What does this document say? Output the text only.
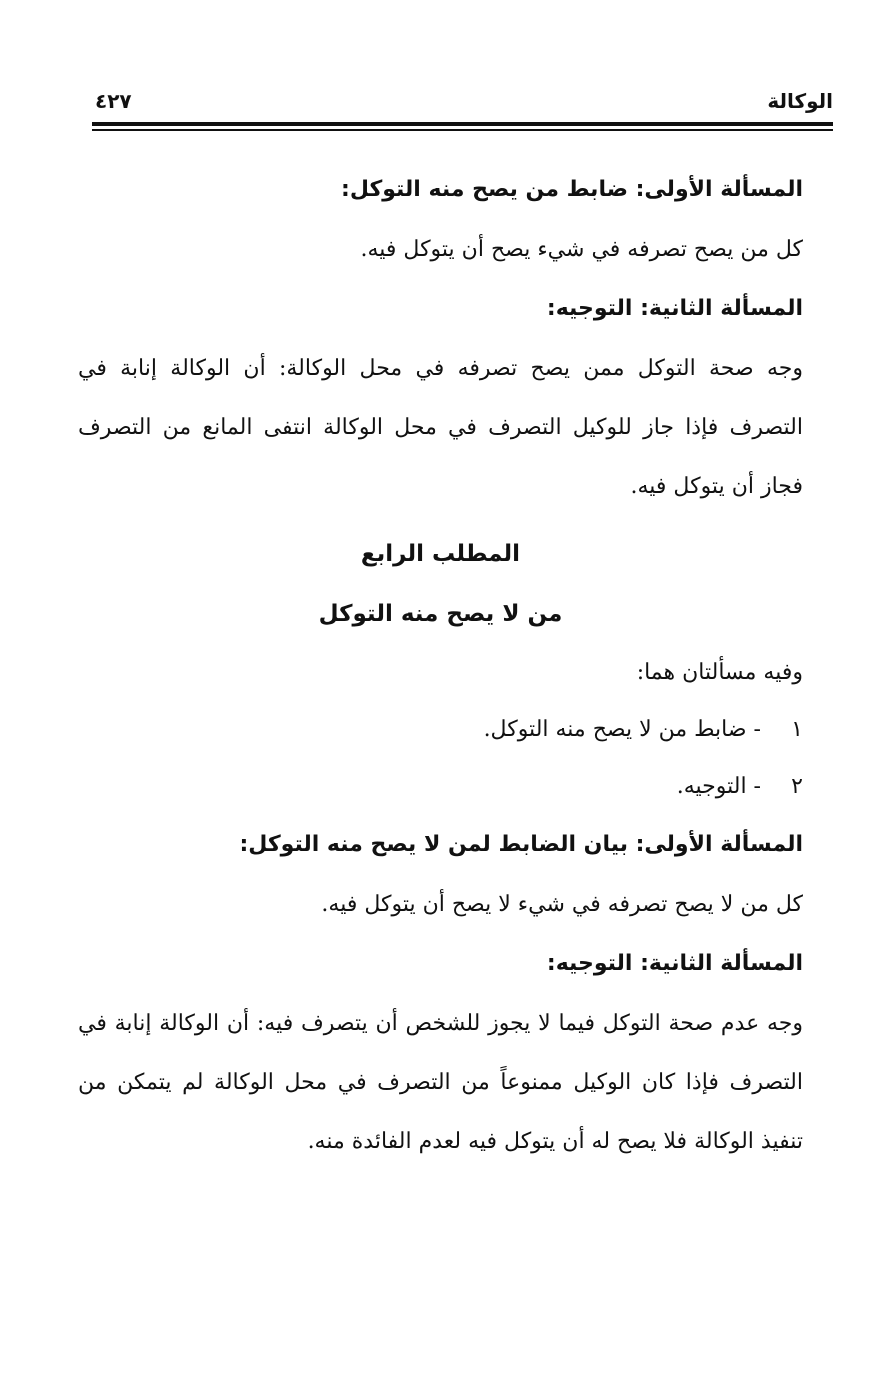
الوكالة
٤٢٧

المسألة الأولى: ضابط من يصح منه التوكل:

كل من يصح تصرفه في شيء يصح أن يتوكل فيه.

المسألة الثانية: التوجيه:

وجه صحة التوكل ممن يصح تصرفه في محل الوكالة: أن الوكالة إنابة في التصرف فإذا جاز للوكيل التصرف في محل الوكالة انتفى المانع من التصرف فجاز أن يتوكل فيه.

المطلب الرابع

من لا يصح منه التوكل

وفيه مسألتان هما:

١- ضابط من لا يصح منه التوكل.

٢- التوجيه.

المسألة الأولى: بيان الضابط لمن لا يصح منه التوكل:

كل من لا يصح تصرفه في شيء لا يصح أن يتوكل فيه.

المسألة الثانية: التوجيه:

وجه عدم صحة التوكل فيما لا يجوز للشخص أن يتصرف فيه: أن الوكالة إنابة في التصرف فإذا كان الوكيل ممنوعاً من التصرف في محل الوكالة لم يتمكن من تنفيذ الوكالة فلا يصح له أن يتوكل فيه لعدم الفائدة منه.
